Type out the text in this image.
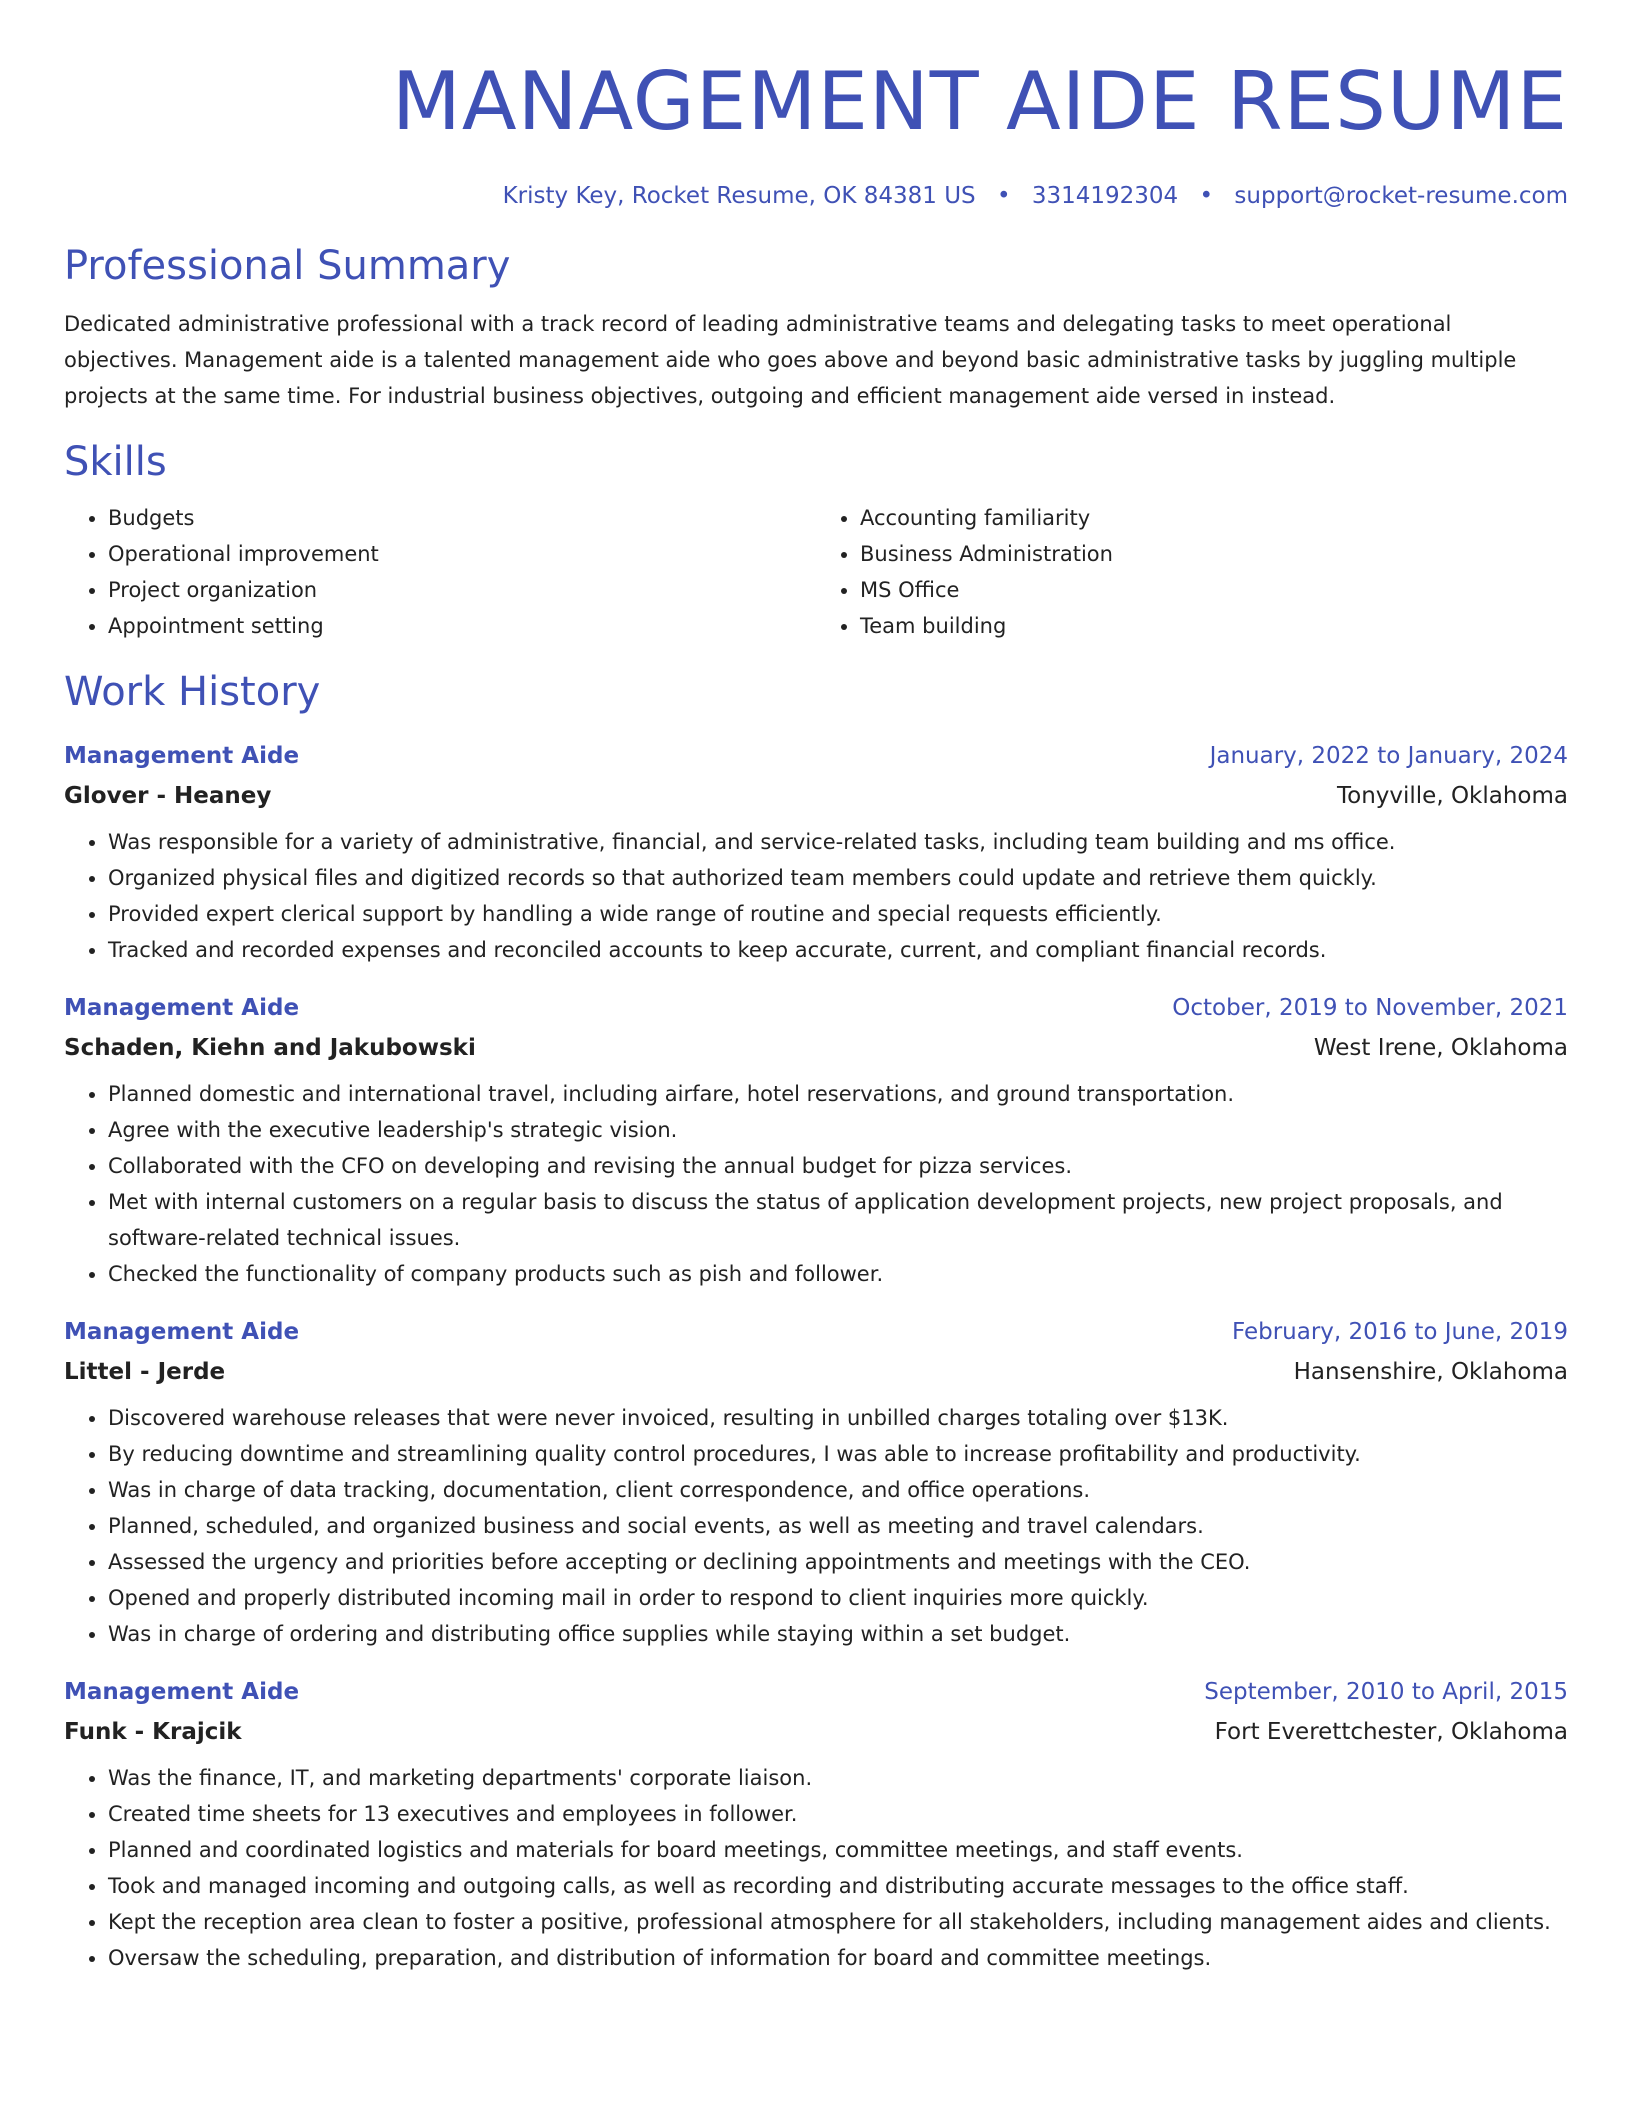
MANAGEMENT AIDE RESUME
Kristy Key, Rocket Resume, OK 84381 US • 3314192304 • support@rocket-resume.com
Professional Summary
Dedicated administrative professional with a track record of leading administrative teams and delegating tasks to meet operational objectives. Management aide is a talented management aide who goes above and beyond basic administrative tasks by juggling multiple projects at the same time. For industrial business objectives, outgoing and efficient management aide versed in instead.
Skills
• Budgets
• Operational improvement
• Project organization
• Appointment setting
• Accounting familiarity
• Business Administration
• MS Office
• Team building
Work History
Management Aide	January, 2022 to January, 2024
Glover - Heaney	Tonyville, Oklahoma
• Was responsible for a variety of administrative, financial, and service-related tasks, including team building and ms office.
• Organized physical files and digitized records so that authorized team members could update and retrieve them quickly.
• Provided expert clerical support by handling a wide range of routine and special requests efficiently.
• Tracked and recorded expenses and reconciled accounts to keep accurate, current, and compliant financial records.
Management Aide	October, 2019 to November, 2021
Schaden, Kiehn and Jakubowski	West Irene, Oklahoma
• Planned domestic and international travel, including airfare, hotel reservations, and ground transportation.
• Agree with the executive leadership's strategic vision.
• Collaborated with the CFO on developing and revising the annual budget for pizza services.
• Met with internal customers on a regular basis to discuss the status of application development projects, new project proposals, and software-related technical issues.
• Checked the functionality of company products such as pish and follower.
Management Aide	February, 2016 to June, 2019
Littel - Jerde	Hansenshire, Oklahoma
• Discovered warehouse releases that were never invoiced, resulting in unbilled charges totaling over $13K.
• By reducing downtime and streamlining quality control procedures, I was able to increase profitability and productivity.
• Was in charge of data tracking, documentation, client correspondence, and office operations.
• Planned, scheduled, and organized business and social events, as well as meeting and travel calendars.
• Assessed the urgency and priorities before accepting or declining appointments and meetings with the CEO.
• Opened and properly distributed incoming mail in order to respond to client inquiries more quickly.
• Was in charge of ordering and distributing office supplies while staying within a set budget.
Management Aide	September, 2010 to April, 2015
Funk - Krajcik	Fort Everettchester, Oklahoma
• Was the finance, IT, and marketing departments' corporate liaison.
• Created time sheets for 13 executives and employees in follower.
• Planned and coordinated logistics and materials for board meetings, committee meetings, and staff events.
• Took and managed incoming and outgoing calls, as well as recording and distributing accurate messages to the office staff.
• Kept the reception area clean to foster a positive, professional atmosphere for all stakeholders, including management aides and clients.
• Oversaw the scheduling, preparation, and distribution of information for board and committee meetings.
